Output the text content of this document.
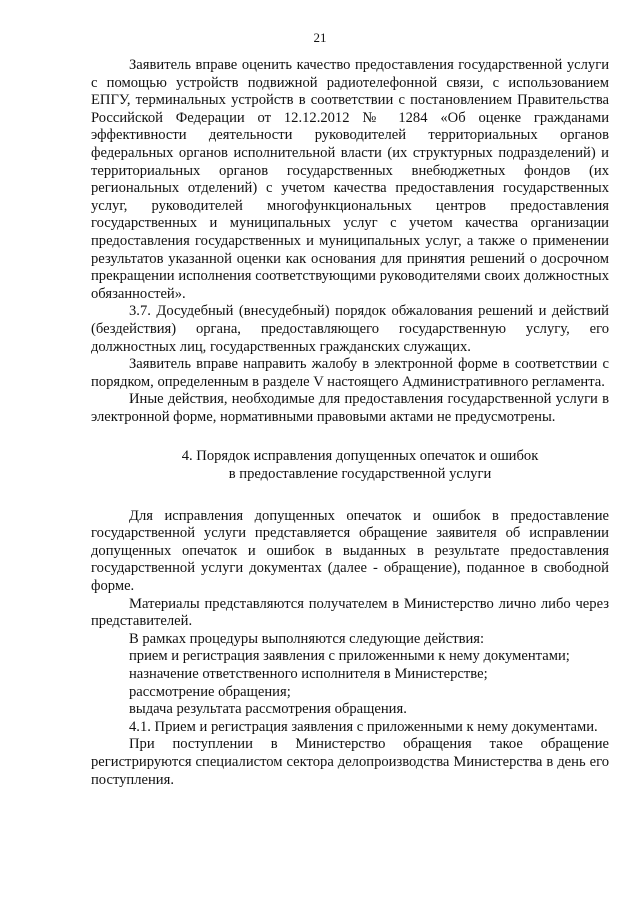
21

Заявитель вправе оценить качество предоставления государственной услуги с помощью устройств подвижной радиотелефонной связи, с использованием ЕПГУ, терминальных устройств в соответствии с постановлением Правительства Российской Федерации от 12.12.2012 № 1284 «Об оценке гражданами эффективности деятельности руководителей территориальных органов федеральных органов исполнительной власти (их структурных подразделений) и территориальных органов государственных внебюджетных фондов (их региональных отделений) с учетом качества предоставления государственных услуг, руководителей многофункциональных центров предоставления государственных и муниципальных услуг с учетом качества организации предоставления государственных и муниципальных услуг, а также о применении результатов указанной оценки как основания для принятия решений о досрочном прекращении исполнения соответствующими руководителями своих должностных обязанностей».

3.7. Досудебный (внесудебный) порядок обжалования решений и действий (бездействия) органа, предоставляющего государственную услугу, его должностных лиц, государственных гражданских служащих.

Заявитель вправе направить жалобу в электронной форме в соответствии с порядком, определенным в разделе V настоящего Административного регламента.

Иные действия, необходимые для предоставления государственной услуги в электронной форме, нормативными правовыми актами не предусмотрены.

4. Порядок исправления допущенных опечаток и ошибок
в предоставление государственной услуги

Для исправления допущенных опечаток и ошибок в предоставление государственной услуги представляется обращение заявителя об исправлении допущенных опечаток и ошибок в выданных в результате предоставления государственной услуги документах (далее - обращение), поданное в свободной форме.

Материалы представляются получателем в Министерство лично либо через представителей.

В рамках процедуры выполняются следующие действия:

прием и регистрация заявления с приложенными к нему документами;

назначение ответственного исполнителя в Министерстве;

рассмотрение обращения;

выдача результата рассмотрения обращения.

4.1. Прием и регистрация заявления с приложенными к нему документами.

При поступлении в Министерство обращения такое обращение регистрируются специалистом сектора делопроизводства Министерства в день его поступления.
